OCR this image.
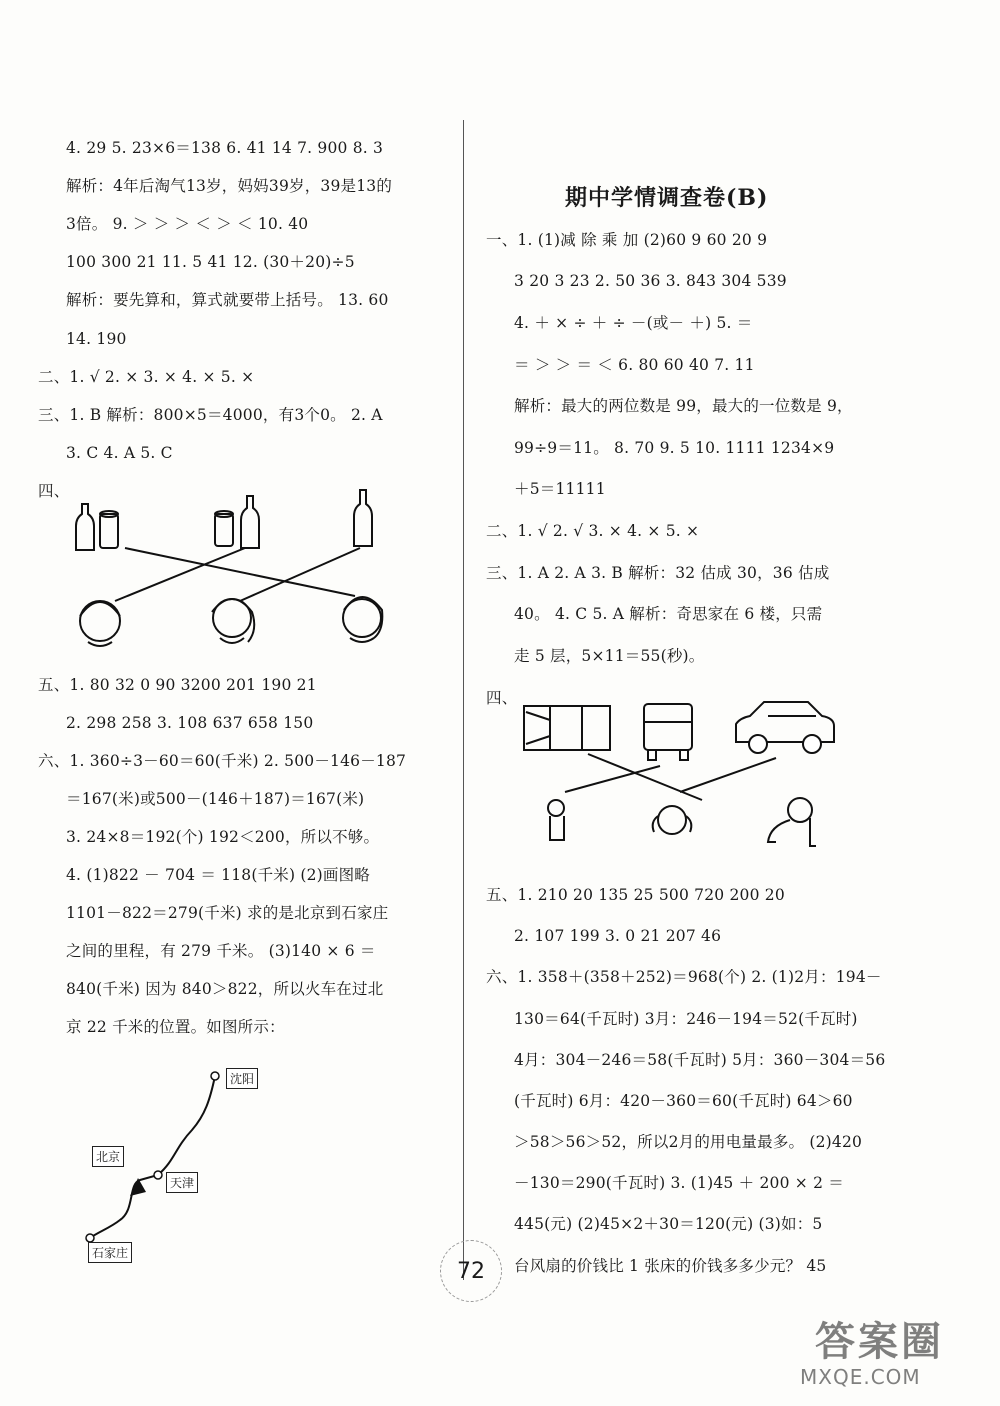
4. 29 5. 23×6＝138 6. 41 14 7. 900 8. 3
解析：4年后淘气13岁，妈妈39岁，39是13的
3倍。 9. ＞ ＞ ＞ ＜ ＞ ＜ 10. 40
100 300 21 11. 5 41 12. (30＋20)÷5
解析：要先算和，算式就要带上括号。 13. 60
14. 190
二、1. √ 2. × 3. × 4. × 5. ×
三、1. B 解析：800×5＝4000，有3个0。 2. A
3. C 4. A 5. C
四、
五、1. 80 32 0 90 3200 201 190 21
2. 298 258 3. 108 637 658 150
六、1. 360÷3－60＝60(千米) 2. 500－146－187
＝167(米)或500－(146＋187)＝167(米)
3. 24×8＝192(个) 192＜200，所以不够。
4. (1)822 － 704 ＝ 118(千米) (2)画图略
1101－822＝279(千米) 求的是北京到石家庄
之间的里程，有 279 千米。 (3)140 × 6 ＝
840(千米) 因为 840＞822，所以火车在过北
京 22 千米的位置。如图所示：
沈阳
北京
天津
石家庄
期中学情调查卷(B)
一、1. (1)减 除 乘 加 (2)60 9 60 20 9
3 20 3 23 2. 50 36 3. 843 304 539
4. ＋ × ÷ ＋ ÷ －(或－ ＋) 5. ＝
＝ ＞ ＞ ＝ ＜ 6. 80 60 40 7. 11
解析：最大的两位数是 99，最大的一位数是 9，
99÷9＝11。 8. 70 9. 5 10. 1111 1234×9
＋5＝11111
二、1. √ 2. √ 3. × 4. × 5. ×
三、1. A 2. A 3. B 解析：32 估成 30，36 估成
40。 4. C 5. A 解析：奇思家在 6 楼，只需
走 5 层，5×11＝55(秒)。
四、
五、1. 210 20 135 25 500 720 200 20
2. 107 199 3. 0 21 207 46
六、1. 358＋(358＋252)＝968(个) 2. (1)2月：194－
130＝64(千瓦时) 3月：246－194＝52(千瓦时)
4月：304－246＝58(千瓦时) 5月：360－304＝56
(千瓦时) 6月：420－360＝60(千瓦时) 64＞60
＞58＞56＞52，所以2月的用电量最多。 (2)420
－130＝290(千瓦时) 3. (1)45 ＋ 200 × 2 ＝
445(元) (2)45×2＋30＝120(元) (3)如：5
台风扇的价钱比 1 张床的价钱多多少元？ 45
72
答案圈
MXQE.COM
